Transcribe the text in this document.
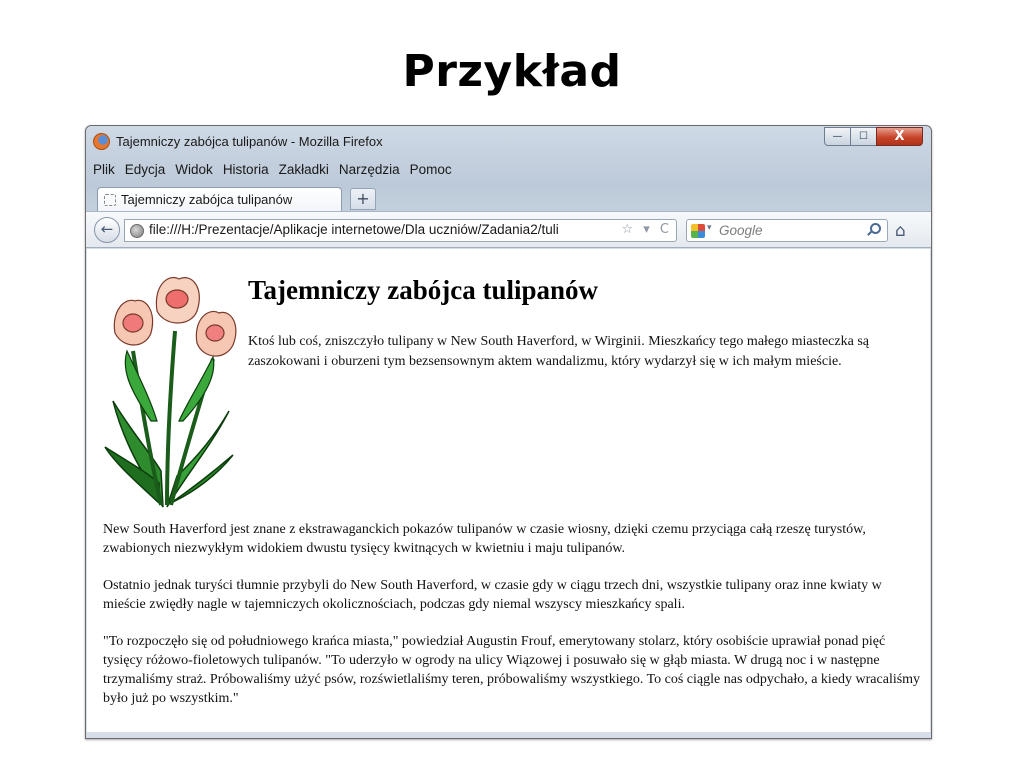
Przykład
Tajemniczy zabójca tulipanów - Mozilla Firefox	—	☐	X
Plik Edycja Widok Historia Zakładki Narzędzia Pomoc
Tajemniczy zabójca tulipanów	+
←	file:///H:/Prezentacje/Aplikacje internetowe/Dla uczniów/Zadania2/tuli	☆ ▾ C	▾ Google	⌂
Tajemniczy zabójca tulipanów

Ktoś lub coś, zniszczyło tulipany w New South Haverford, w Wirginii. Mieszkańcy tego małego miasteczka są zaszokowani i oburzeni tym bezsensownym aktem wandalizmu, który wydarzył się w ich małym mieście.

New South Haverford jest znane z ekstrawaganckich pokazów tulipanów w czasie wiosny, dzięki czemu przyciąga całą rzeszę turystów, zwabionych niezwykłym widokiem dwustu tysięcy kwitnących w kwietniu i maju tulipanów.

Ostatnio jednak turyści tłumnie przybyli do New South Haverford, w czasie gdy w ciągu trzech dni, wszystkie tulipany oraz inne kwiaty w mieście zwiędły nagle w tajemniczych okolicznościach, podczas gdy niemal wszyscy mieszkańcy spali.

"To rozpoczęło się od południowego krańca miasta," powiedział Augustin Frouf, emerytowany stolarz, który osobiście uprawiał ponad pięć tysięcy różowo-fioletowych tulipanów. "To uderzyło w ogrody na ulicy Wiązowej i posuwało się w głąb miasta. W drugą noc i w następne trzymaliśmy straż. Próbowaliśmy użyć psów, rozświetlaliśmy teren, próbowaliśmy wszystkiego. To coś ciągle nas odpychało, a kiedy wracaliśmy było już po wszystkim."
